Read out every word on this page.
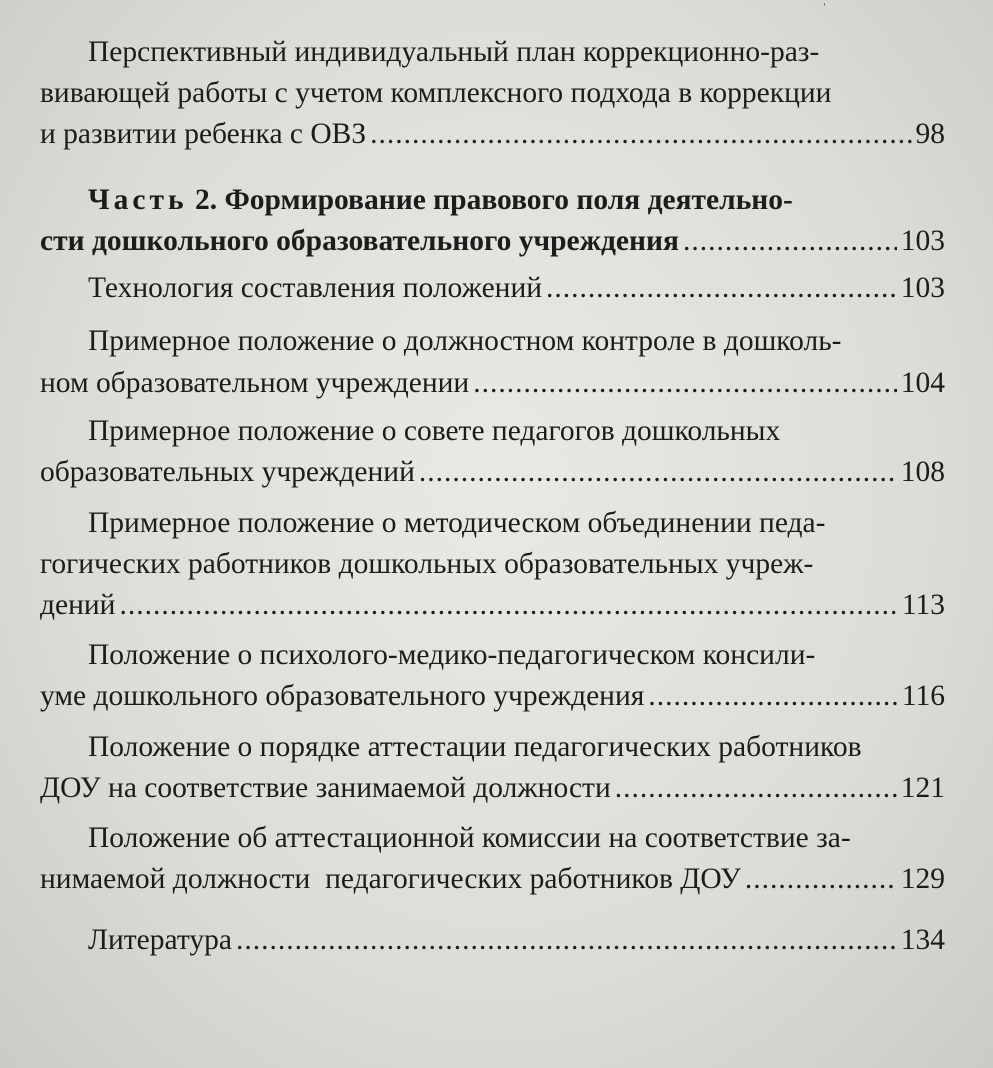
ˈ
Перспективный индивидуальный план коррекционно-раз-
вивающей работы с учетом комплексного подхода в коррекции
и развитии ребенка с ОВЗ .....	98
Часть 2. Формирование правового поля деятельно-
сти дошкольного образовательного учреждения .....	103
Технология составления положений .....	103
Примерное положение о должностном контроле в дошколь-
ном образовательном учреждении .....	104
Примерное положение о совете педагогов дошкольных
образовательных учреждений .....	108
Примерное положение о методическом объединении педа-
гогических работников дошкольных образовательных учреж-
дений .....	113
Положение о психолого-медико-педагогическом консили-
уме дошкольного образовательного учреждения .....	116
Положение о порядке аттестации педагогических работников
ДОУ на соответствие занимаемой должности .....	121
Положение об аттестационной комиссии на соответствие за-
нимаемой должности  педагогических работников ДОУ .....	129
Литература .....	134
